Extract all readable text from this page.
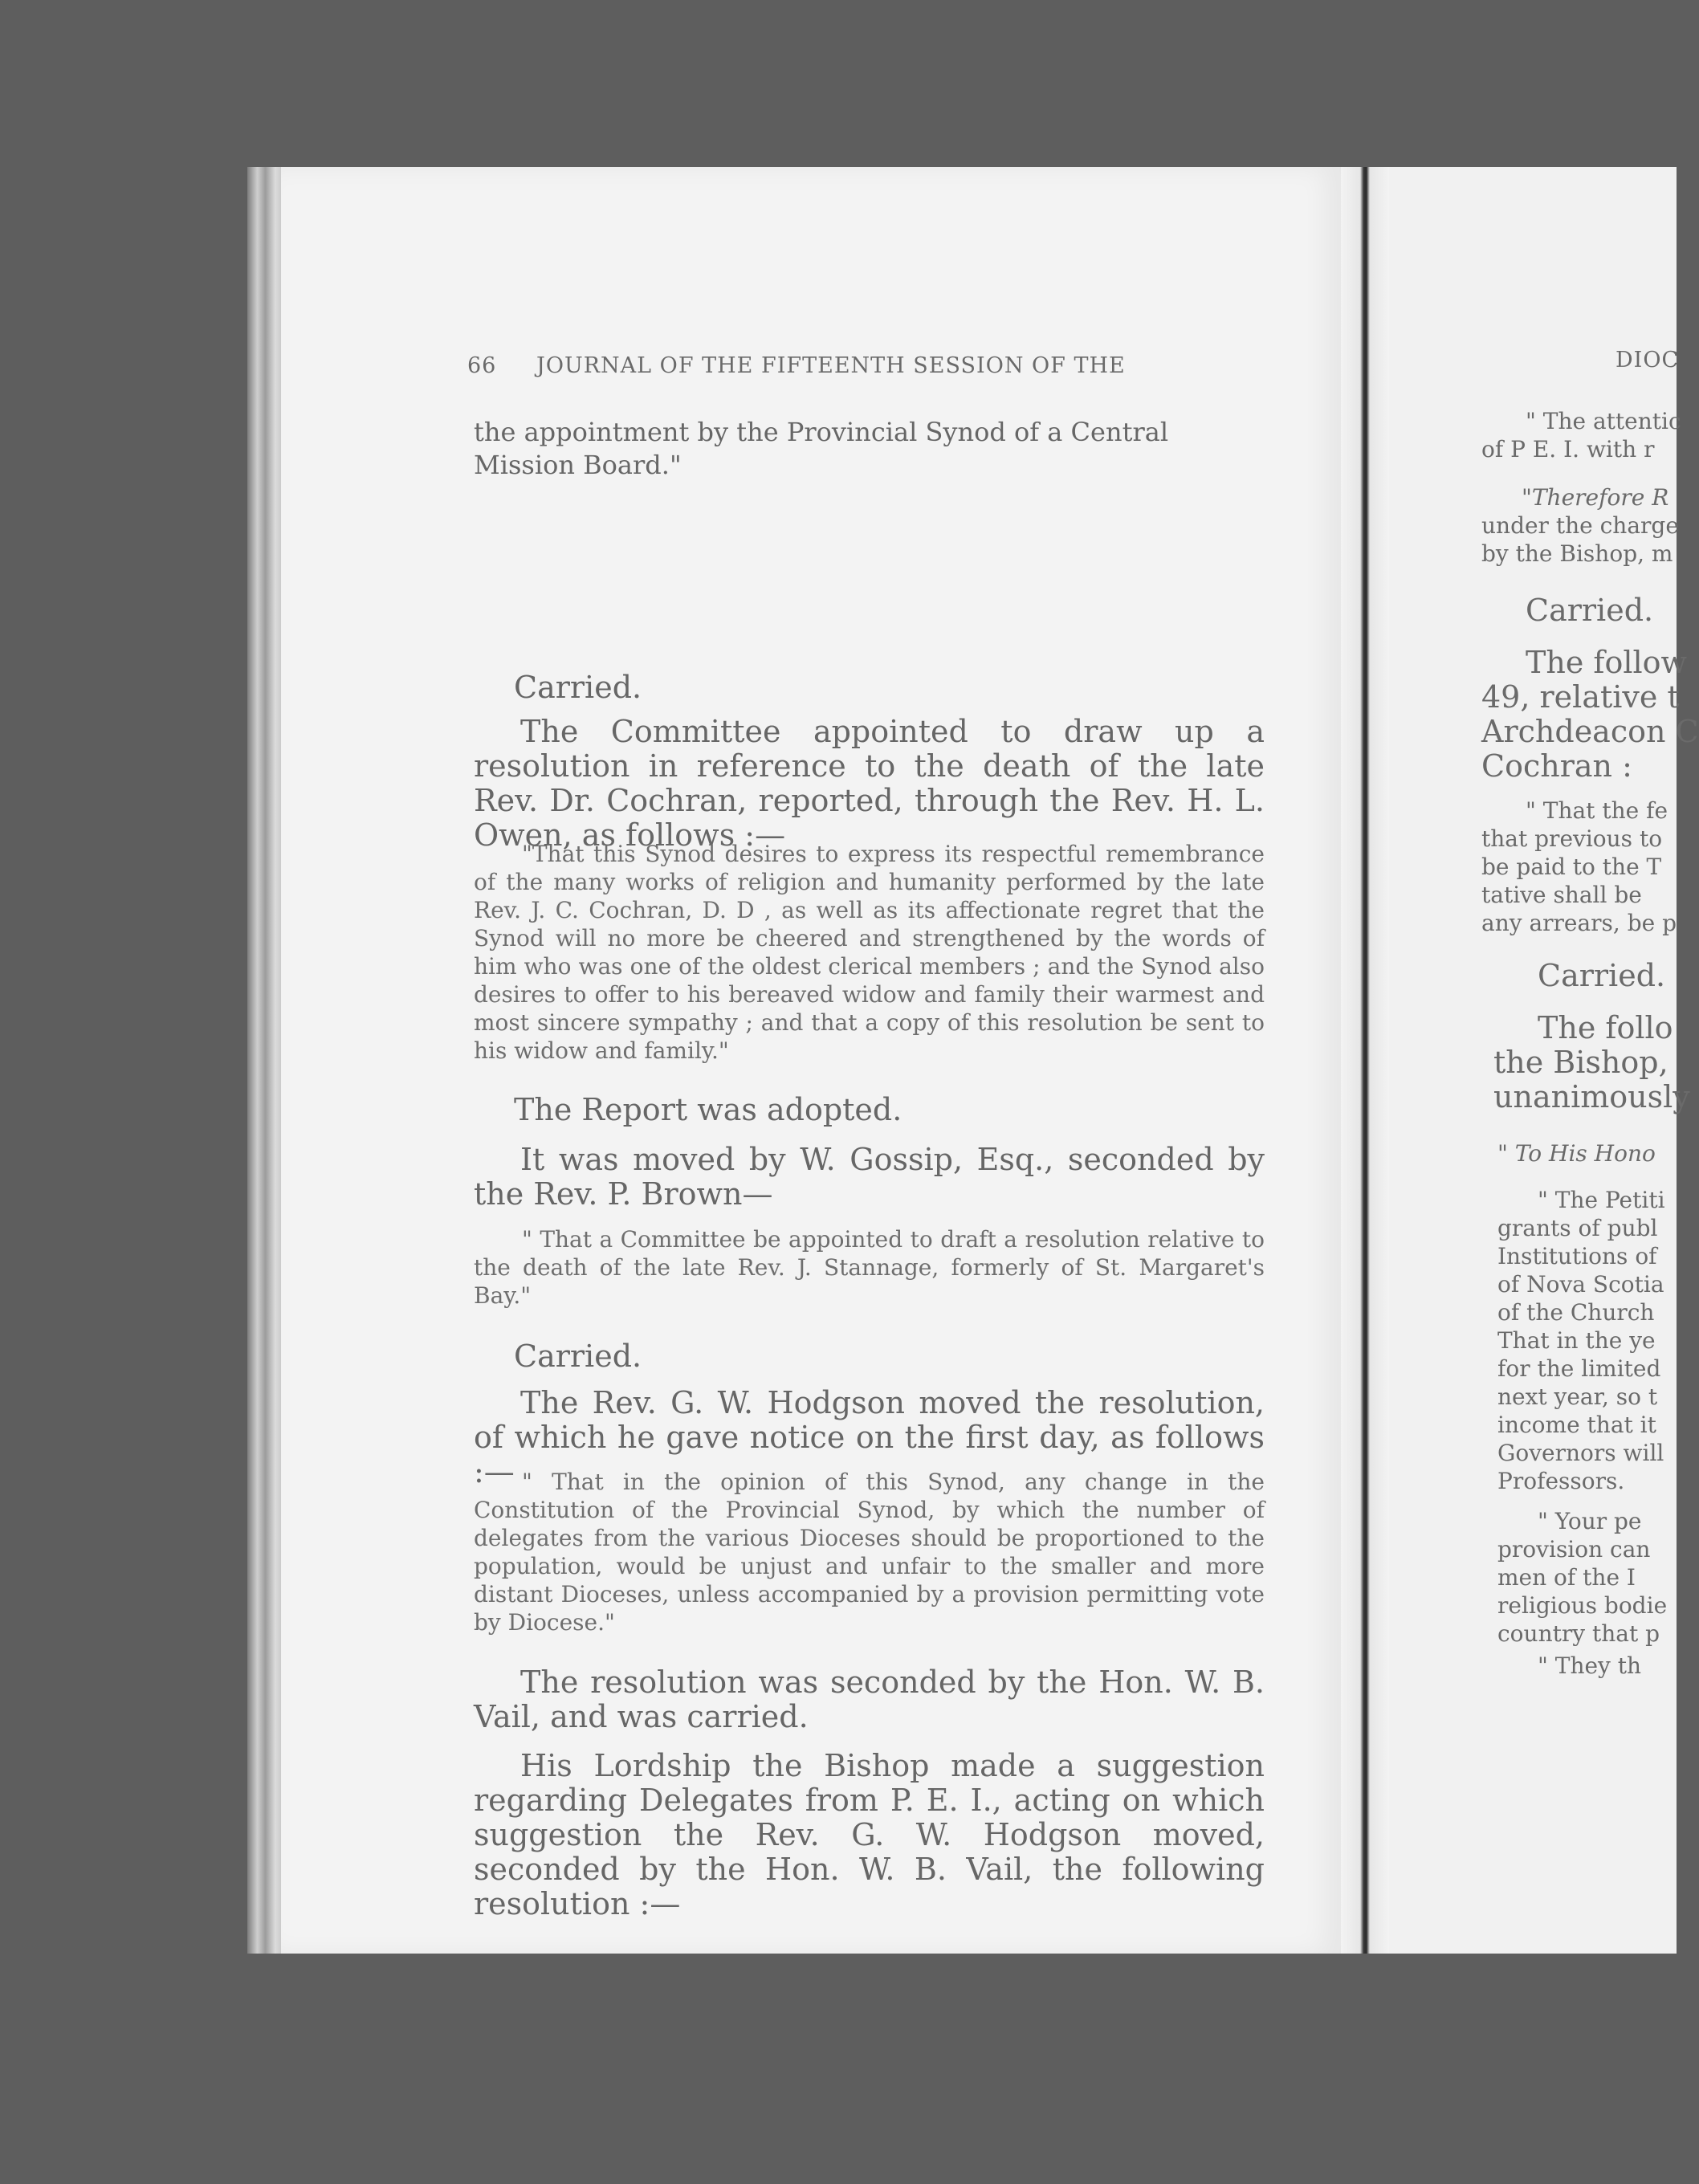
66 JOURNAL OF THE FIFTEENTH SESSION OF THE

the appointment by the Provincial Synod of a Central Mission Board."

Carried.

The Committee appointed to draw up a resolution in reference to the death of the late Rev. Dr. Cochran, reported, through the Rev. H. L. Owen, as follows :—

"That this Synod desires to express its respectful remembrance of the many works of religion and humanity performed by the late Rev. J. C. Cochran, D. D , as well as its affectionate regret that the Synod will no more be cheered and strengthened by the words of him who was one of the oldest clerical members ; and the Synod also desires to offer to his bereaved widow and family their warmest and most sincere sympathy ; and that a copy of this resolution be sent to his widow and family."

The Report was adopted.

It was moved by W. Gossip, Esq., seconded by the Rev. P. Brown—

" That a Committee be appointed to draft a resolution relative to the death of the late Rev. J. Stannage, formerly of St. Margaret's Bay."

Carried.

The Rev. G. W. Hodgson moved the resolution, of which he gave notice on the first day, as follows :— " That in the opinion of this Synod, any change in the Constitution of the Provincial Synod, by which the number of delegates from the various Dioceses should be proportioned to the population, would be unjust and unfair to the smaller and more distant Dioceses, unless accompanied by a provision permitting vote by Diocese."

The resolution was seconded by the Hon. W. B. Vail, and was carried.

His Lordship the Bishop made a suggestion regarding Delegates from P. E. I., acting on which suggestion the Rev. G. W. Hodgson moved, seconded by the Hon. W. B. Vail, the following resolution :—

DIOC
" The attentic
of P E. I. with r
"Therefore R
under the charge
by the Bishop, m
Carried.
The follow
49, relative t
Archdeacon C
Cochran :
" That the fe
that previous to
be paid to the T
tative shall be
any arrears, be p
Carried.
The follo
the Bishop,
unanimously
" To His Hono
" The Petiti
grants of publ
Institutions of
of Nova Scotia
of the Church
That in the ye
for the limited
next year, so t
income that it
Governors will
Professors.
" Your pe
provision can
men of the I
religious bodie
country that p
" They th
